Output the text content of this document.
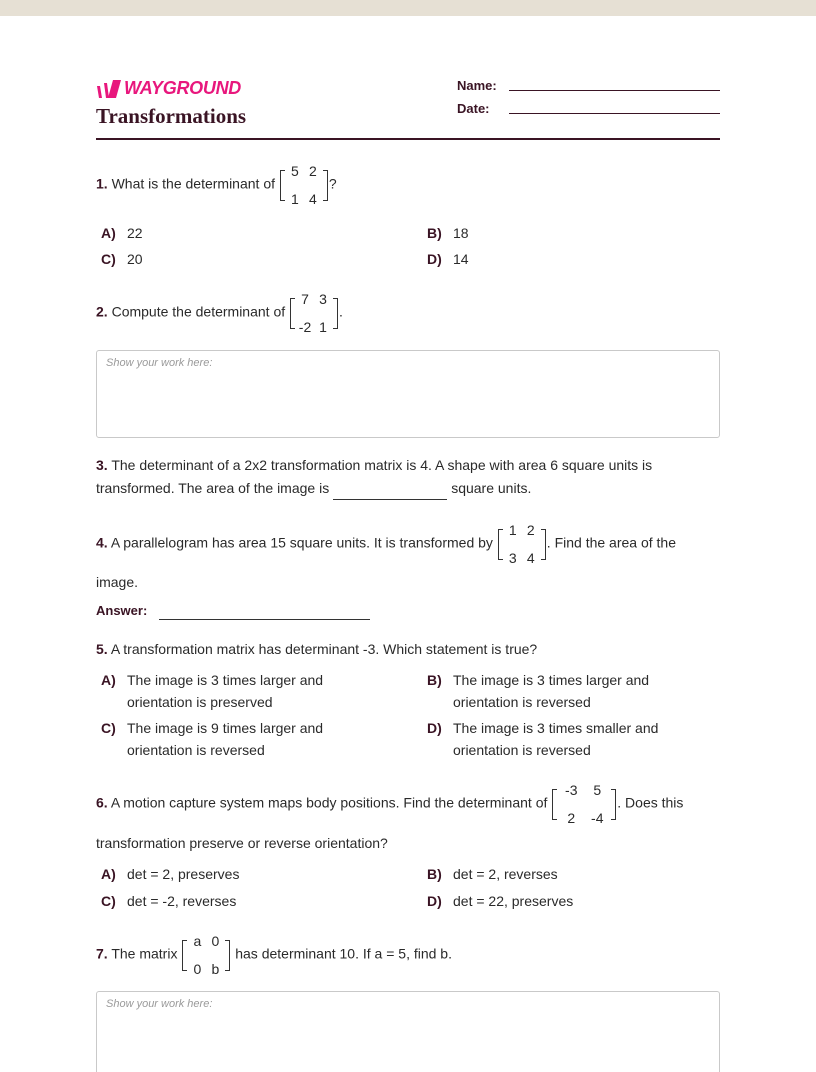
WAYGROUND
Transformations
Name:
Date:
1. What is the determinant of
5 2
1 4
?
A) 22	B) 18
C) 20	D) 14
2. Compute the determinant of
7 3
-2 1
.
Show your work here:
3. The determinant of a 2x2 transformation matrix is 4. A shape with area 6 square units is
transformed. The area of the image is	square units.
4. A parallelogram has area 15 square units. It is transformed by
1 2
3 4
. Find the area of the
image.
Answer:
5. A transformation matrix has determinant -3. Which statement is true?
A) The image is 3 times larger and orientation is preserved
B) The image is 3 times larger and orientation is reversed
C) The image is 9 times larger and orientation is reversed
D) The image is 3 times smaller and orientation is reversed
6. A motion capture system maps body positions. Find the determinant of
-3	5
2	-4
. Does this
transformation preserve or reverse orientation?
A) det = 2, preserves	B) det = 2, reverses
C) det = -2, reverses	D) det = 22, preserves
7. The matrix
a 0
0 b
has determinant 10. If a = 5, find b.
Show your work here:
